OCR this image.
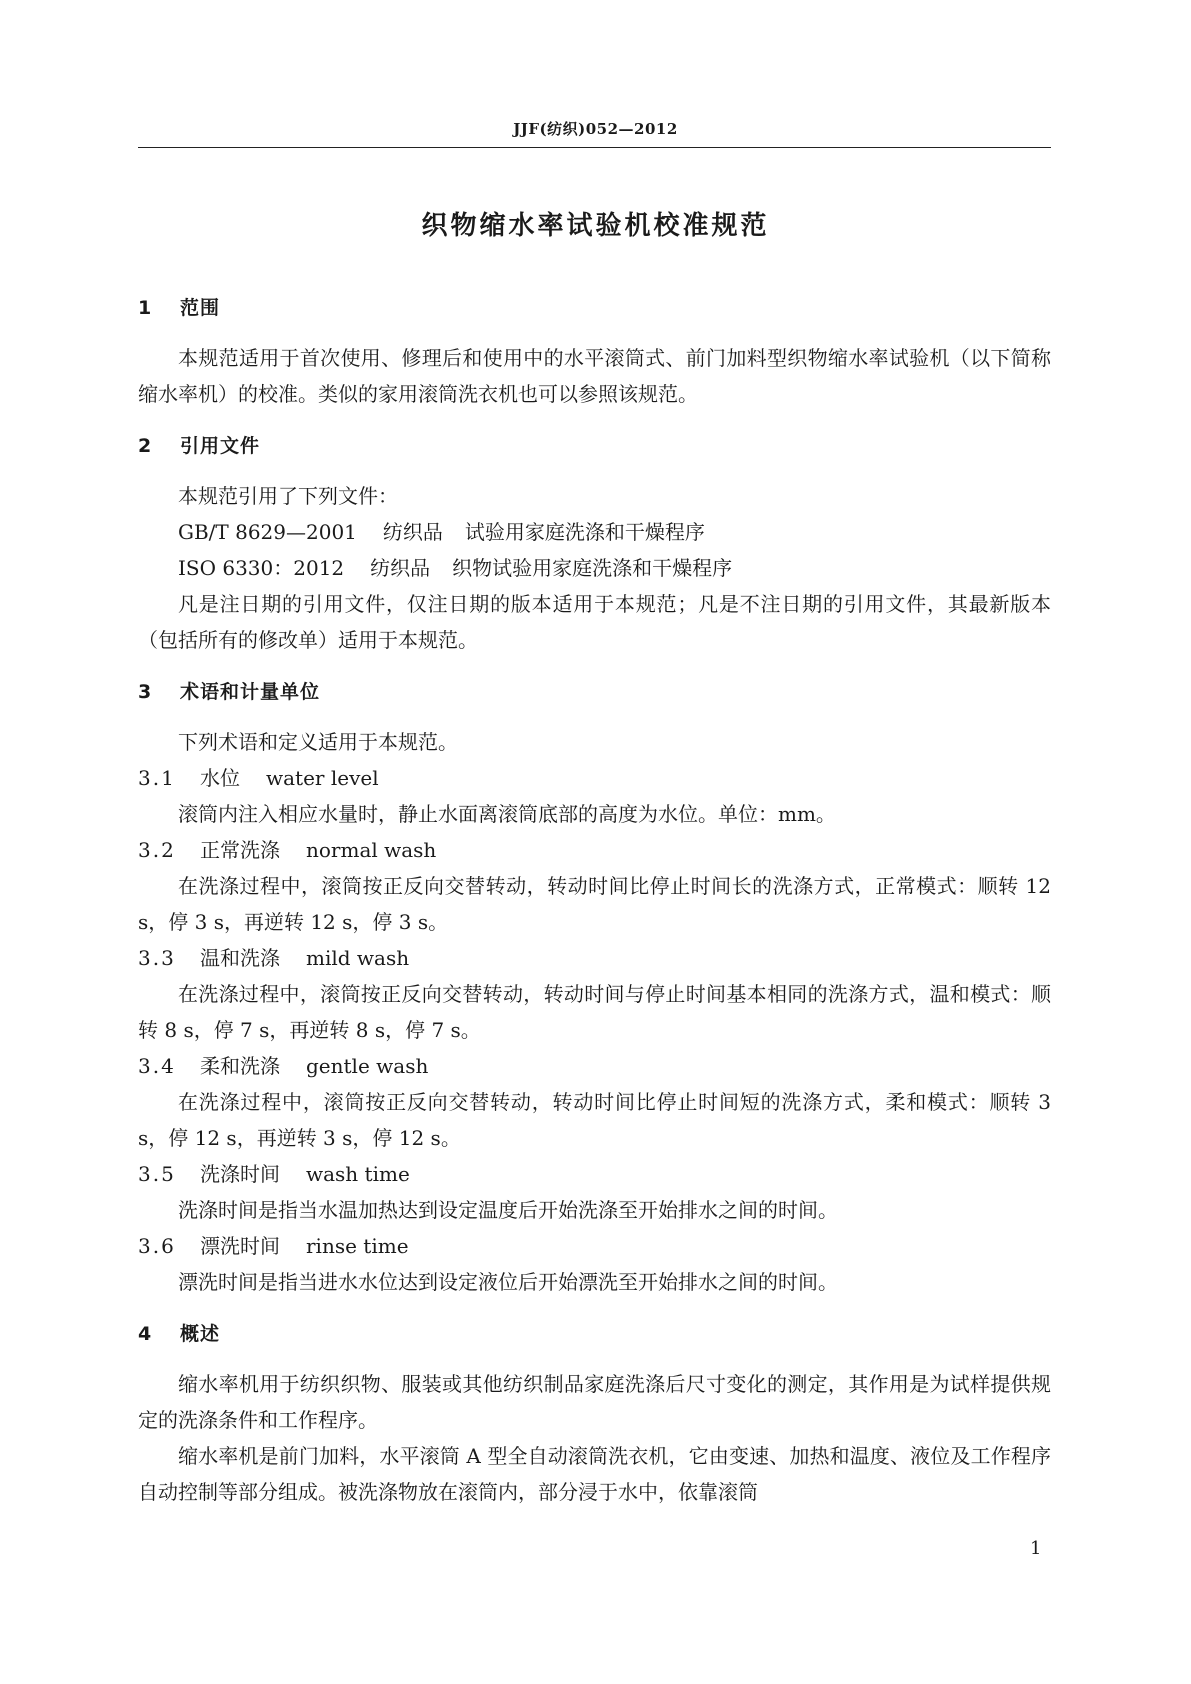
JJF(纺织)052—2012
织物缩水率试验机校准规范
1 范围

本规范适用于首次使用、修理后和使用中的水平滚筒式、前门加料型织物缩水率试验机（以下简称缩水率机）的校准。类似的家用滚筒洗衣机也可以参照该规范。

2 引用文件

本规范引用了下列文件：

GB/T 8629—2001 纺织品 试验用家庭洗涤和干燥程序
ISO 6330：2012 纺织品 织物试验用家庭洗涤和干燥程序

凡是注日期的引用文件，仅注日期的版本适用于本规范；凡是不注日期的引用文件，其最新版本（包括所有的修改单）适用于本规范。

3 术语和计量单位

下列术语和定义适用于本规范。

3.1 水位 water level

滚筒内注入相应水量时，静止水面离滚筒底部的高度为水位。单位：mm。

3.2 正常洗涤 normal wash

在洗涤过程中，滚筒按正反向交替转动，转动时间比停止时间长的洗涤方式，正常模式：顺转 12 s，停 3 s，再逆转 12 s，停 3 s。

3.3 温和洗涤 mild wash

在洗涤过程中，滚筒按正反向交替转动，转动时间与停止时间基本相同的洗涤方式，温和模式：顺转 8 s，停 7 s，再逆转 8 s，停 7 s。

3.4 柔和洗涤 gentle wash

在洗涤过程中，滚筒按正反向交替转动，转动时间比停止时间短的洗涤方式，柔和模式：顺转 3 s，停 12 s，再逆转 3 s，停 12 s。

3.5 洗涤时间 wash time

洗涤时间是指当水温加热达到设定温度后开始洗涤至开始排水之间的时间。

3.6 漂洗时间 rinse time

漂洗时间是指当进水水位达到设定液位后开始漂洗至开始排水之间的时间。

4 概述

缩水率机用于纺织织物、服装或其他纺织制品家庭洗涤后尺寸变化的测定，其作用是为试样提供规定的洗涤条件和工作程序。

缩水率机是前门加料，水平滚筒 A 型全自动滚筒洗衣机，它由变速、加热和温度、液位及工作程序自动控制等部分组成。被洗涤物放在滚筒内，部分浸于水中，依靠滚筒

1
